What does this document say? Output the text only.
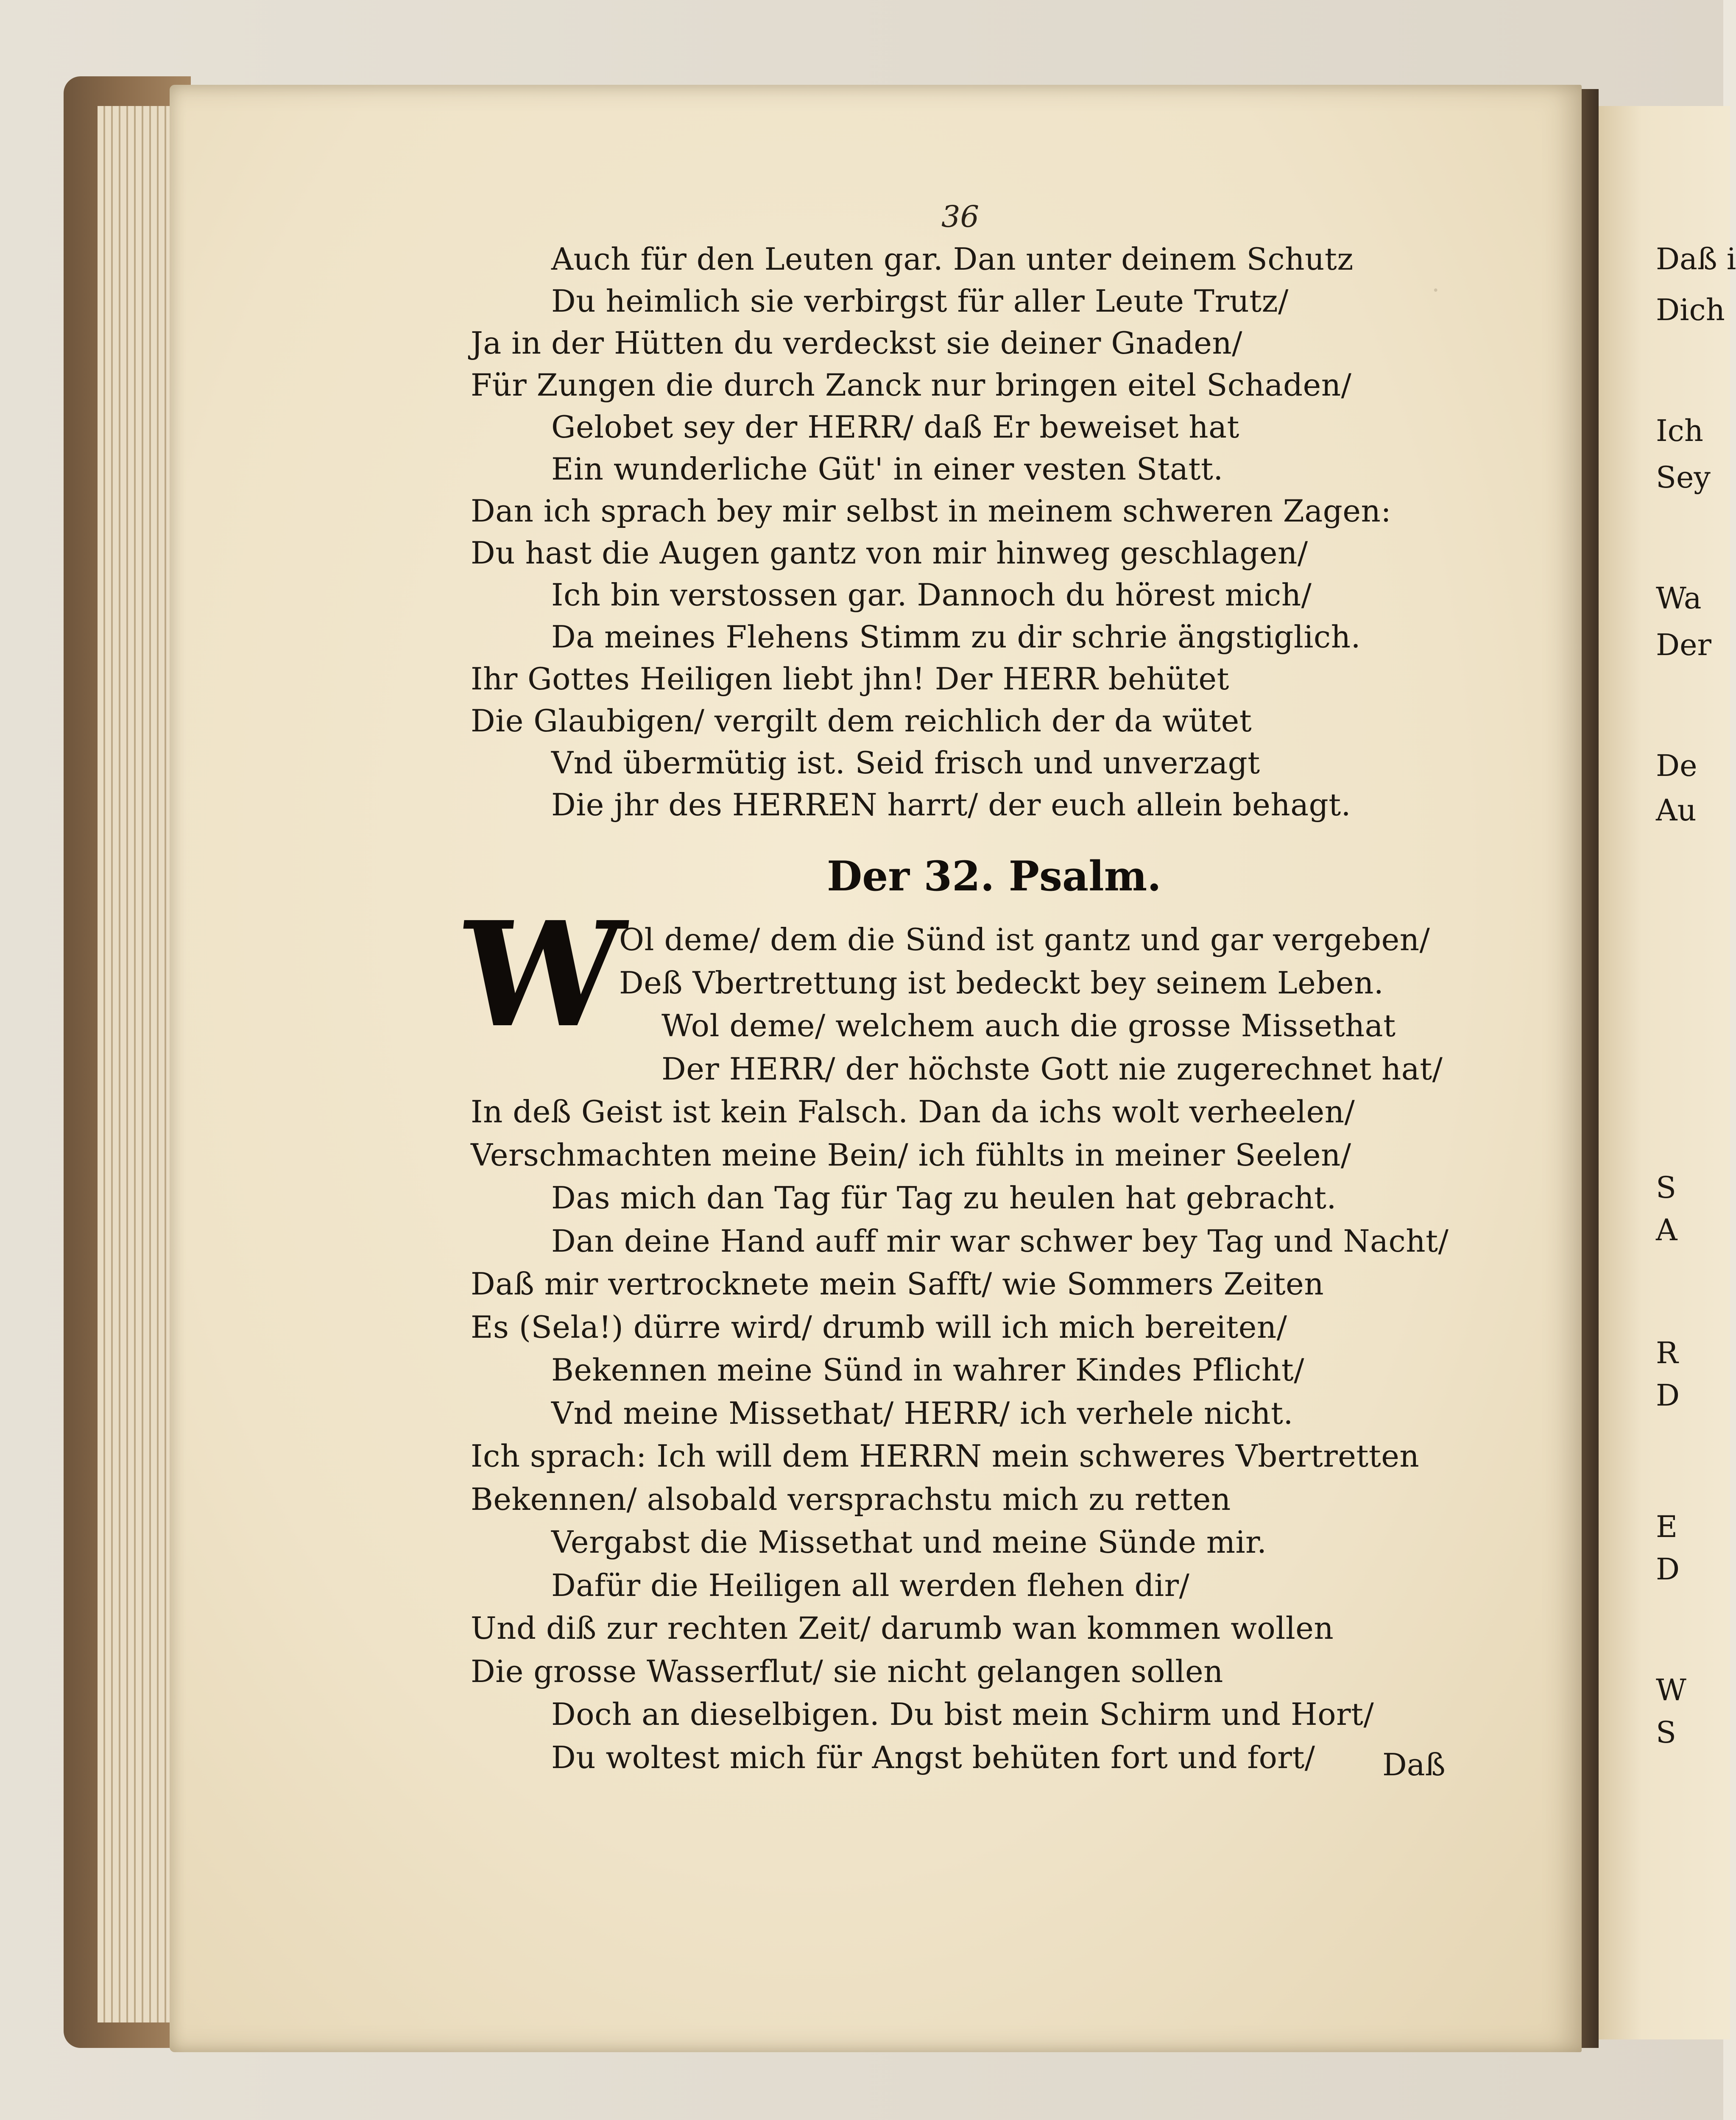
·
36
Auch für den Leuten gar. Dan unter deinem Schutz
Du heimlich sie verbirgst für aller Leute Trutz/
Ja in der Hütten du verdeckst sie deiner Gnaden/
Für Zungen die durch Zanck nur bringen eitel Schaden/
Gelobet sey der HERR/ daß Er beweiset hat
Ein wunderliche Güt' in einer vesten Statt.
Dan ich sprach bey mir selbst in meinem schweren Zagen:
Du hast die Augen gantz von mir hinweg geschlagen/
Ich bin verstossen gar. Dannoch du hörest mich/
Da meines Flehens Stimm zu dir schrie ängstiglich.
Ihr Gottes Heiligen liebt jhn! Der HERR behütet
Die Glaubigen/ vergilt dem reichlich der da wütet
Vnd übermütig ist. Seid frisch und unverzagt
Die jhr des HERREN harrt/ der euch allein behagt.
Der 32. Psalm.
W
Ol deme/ dem die Sünd ist gantz und gar vergeben/
Deß Vbertrettung ist bedeckt bey seinem Leben.
Wol deme/ welchem auch die grosse Missethat
Der HERR/ der höchste Gott nie zugerechnet hat/
In deß Geist ist kein Falsch. Dan da ichs wolt verheelen/
Verschmachten meine Bein/ ich fühlts in meiner Seelen/
Das mich dan Tag für Tag zu heulen hat gebracht.
Dan deine Hand auff mir war schwer bey Tag und Nacht/
Daß mir vertrocknete mein Safft/ wie Sommers Zeiten
Es (Sela!) dürre wird/ drumb will ich mich bereiten/
Bekennen meine Sünd in wahrer Kindes Pflicht/
Vnd meine Missethat/ HERR/ ich verhele nicht.
Ich sprach: Ich will dem HERRN mein schweres Vbertretten
Bekennen/ alsobald versprachstu mich zu retten
Vergabst die Missethat und meine Sünde mir.
Dafür die Heiligen all werden flehen dir/
Und diß zur rechten Zeit/ darumb wan kommen wollen
Die grosse Wasserflut/ sie nicht gelangen sollen
Doch an dieselbigen. Du bist mein Schirm und Hort/
Du woltest mich für Angst behüten fort und fort/ Daß
Daß i
Dich
Ich
Sey
Wa
Der
De
Au
S
A
R
D
E
D
W
S
